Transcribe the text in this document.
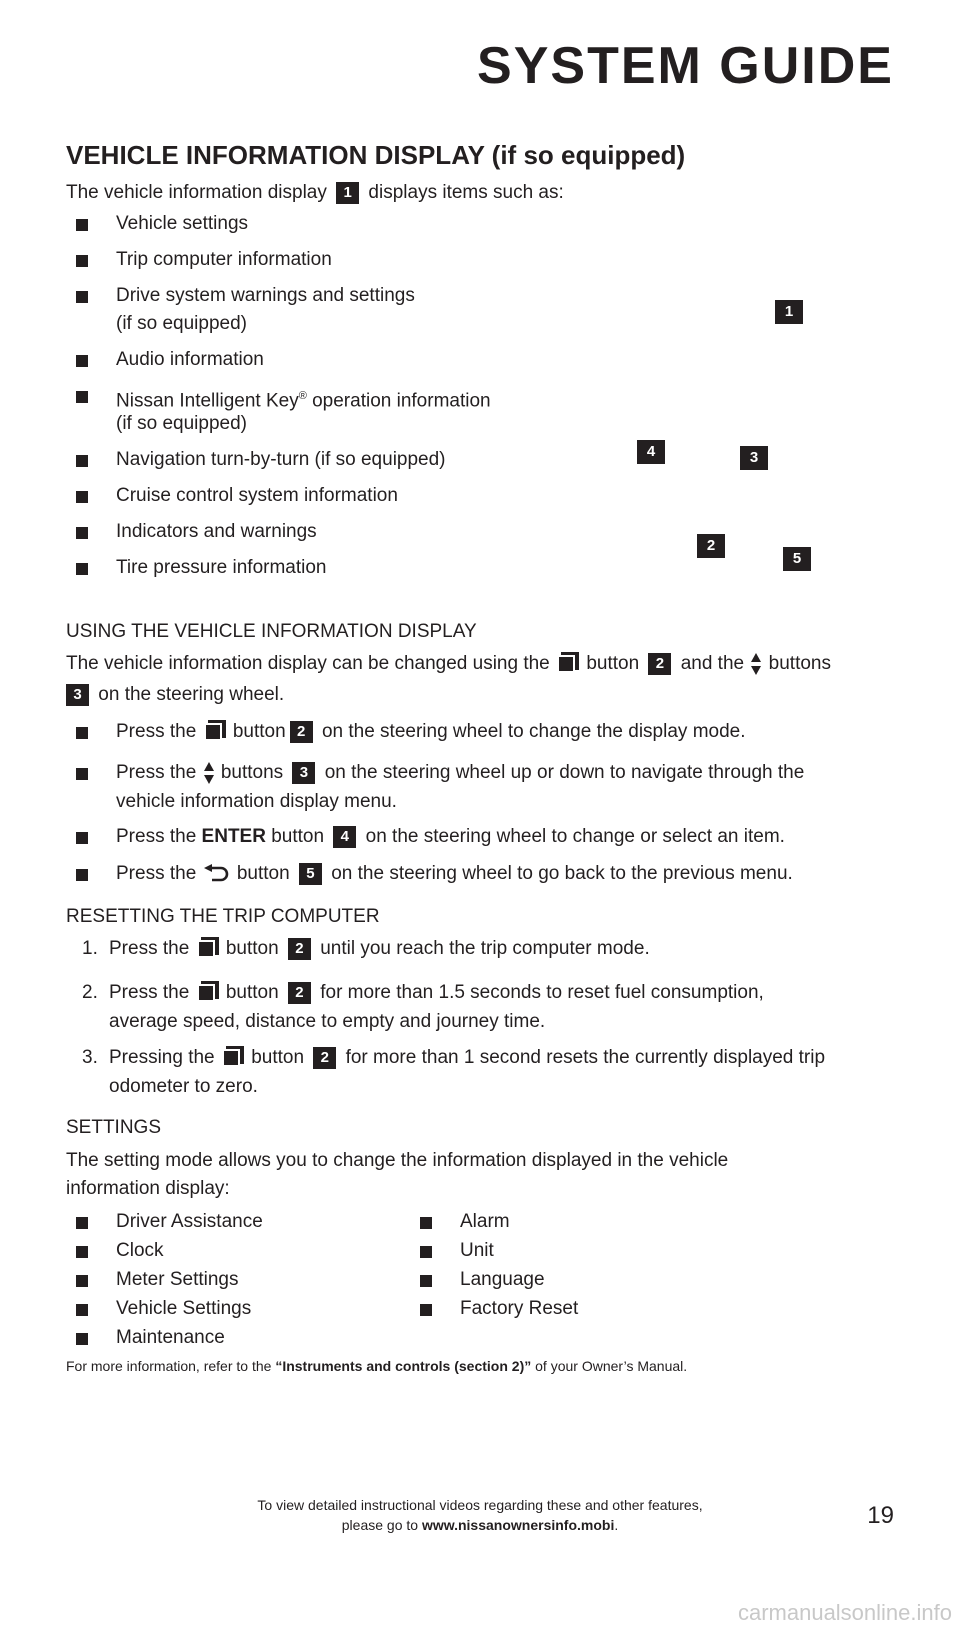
SYSTEM GUIDE
VEHICLE INFORMATION DISPLAY (if so equipped)
The vehicle information display 1 displays items such as:
Vehicle settings
Trip computer information
Drive system warnings and settings
(if so equipped)
Audio information
Nissan Intelligent Key® operation information
(if so equipped)
Navigation turn-by-turn (if so equipped)
Cruise control system information
Indicators and warnings
Tire pressure information
1
4	3
2
5
USING THE VEHICLE INFORMATION DISPLAY
The vehicle information display can be changed using the button 2 and the buttons
3 on the steering wheel.
Press the button 2 on the steering wheel to change the display mode.
Press the buttons 3 on the steering wheel up or down to navigate through the
vehicle information display menu.
Press the ENTER button 4 on the steering wheel to change or select an item.
Press the button 5 on the steering wheel to go back to the previous menu.
RESETTING THE TRIP COMPUTER
1. Press the button 2 until you reach the trip computer mode.
2. Press the button 2 for more than 1.5 seconds to reset fuel consumption,
average speed, distance to empty and journey time.
3. Pressing the button 2 for more than 1 second resets the currently displayed trip
odometer to zero.
SETTINGS
The setting mode allows you to change the information displayed in the vehicle
information display:
Driver Assistance
Clock
Meter Settings
Vehicle Settings
Maintenance
Alarm
Unit
Language
Factory Reset
For more information, refer to the “Instruments and controls (section 2)” of your Owner’s Manual.
To view detailed instructional videos regarding these and other features,
please go to www.nissanownersinfo.mobi.	19
carmanualsonline.info
